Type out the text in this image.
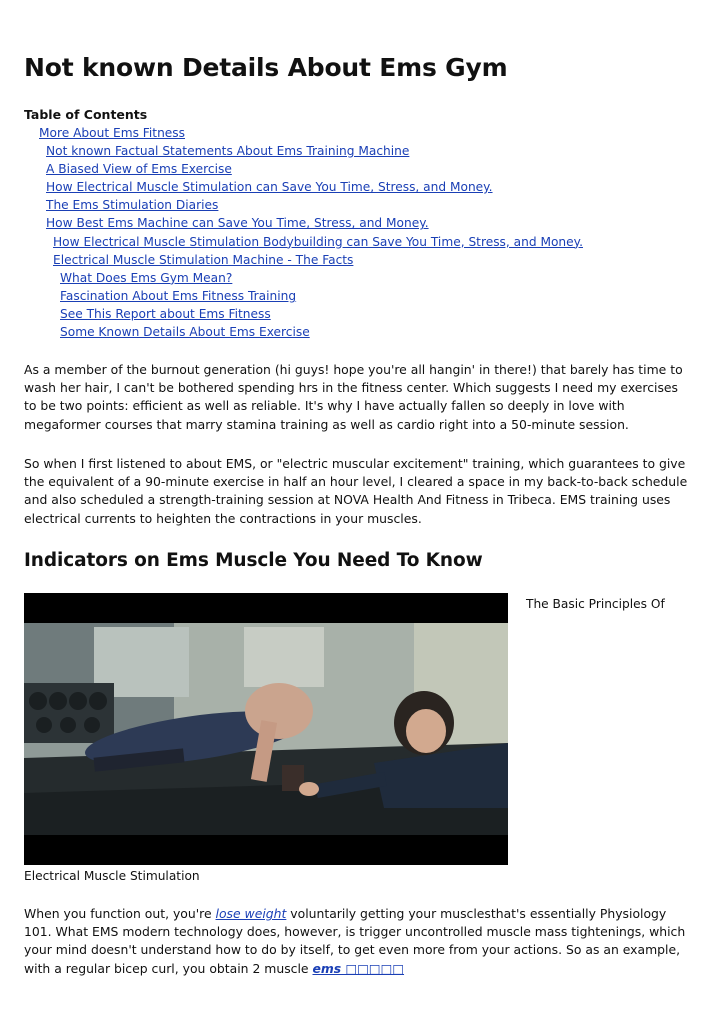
Not known Details About Ems Gym
Table of Contents
More About Ems Fitness
Not known Factual Statements About Ems Training Machine
A Biased View of Ems Exercise
How Electrical Muscle Stimulation can Save You Time, Stress, and Money.
The Ems Stimulation Diaries
How Best Ems Machine can Save You Time, Stress, and Money.
How Electrical Muscle Stimulation Bodybuilding can Save You Time, Stress, and Money.
Electrical Muscle Stimulation Machine - The Facts
What Does Ems Gym Mean?
Fascination About Ems Fitness Training
See This Report about Ems Fitness
Some Known Details About Ems Exercise

As a member of the burnout generation (hi guys! hope you're all hangin' in there!) that barely has time to wash her hair, I can't be bothered spending hrs in the fitness center. Which suggests I need my exercises to be two points: efficient as well as reliable. It's why I have actually fallen so deeply in love with megaformer courses that marry stamina training as well as cardio right into a 50-minute session.

So when I first listened to about EMS, or "electric muscular excitement" training, which guarantees to give the equivalent of a 90-minute exercise in half an hour level, I cleared a space in my back-to-back schedule and also scheduled a strength-training session at NOVA Health And Fitness in Tribeca. EMS training uses electrical currents to heighten the contractions in your muscles.

Indicators on Ems Muscle You Need To Know
The Basic Principles Of
Electrical Muscle Stimulation

When you function out, you're lose weight voluntarily getting your musclesthat's essentially Physiology 101. What EMS modern technology does, however, is trigger uncontrolled muscle mass tightenings, which your mind doesn't understand how to do by itself, to get even more from your actions. So as an example, with a regular bicep curl, you obtain 2 muscle ems □□□□□
